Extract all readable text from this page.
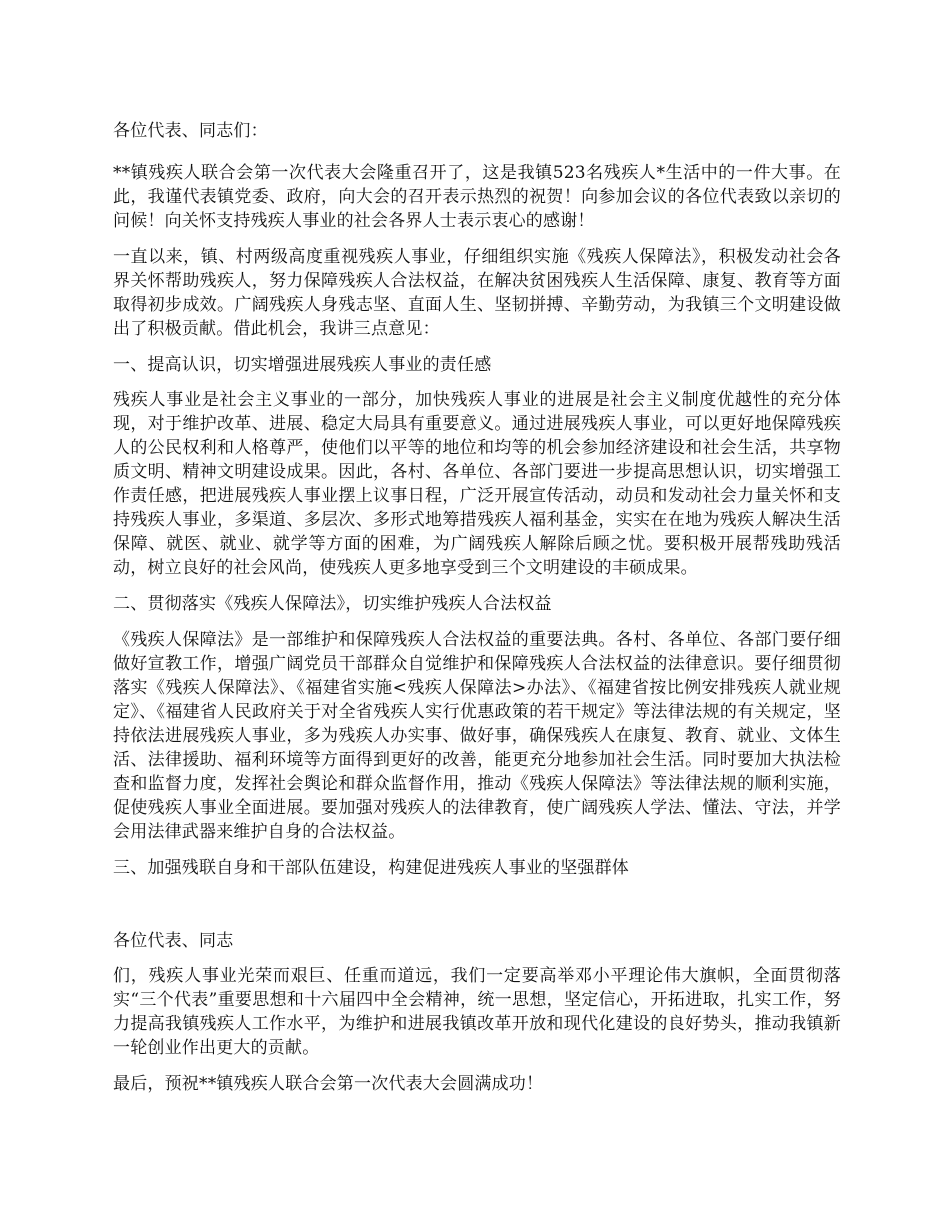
各位代表、同志们：

**镇残疾人联合会第一次代表大会隆重召开了，这是我镇523名残疾人*生活中的一件大事。在此，我谨代表镇党委、政府，向大会的召开表示热烈的祝贺！向参加会议的各位代表致以亲切的问候！向关怀支持残疾人事业的社会各界人士表示衷心的感谢！

一直以来，镇、村两级高度重视残疾人事业，仔细组织实施《残疾人保障法》，积极发动社会各界关怀帮助残疾人，努力保障残疾人合法权益，在解决贫困残疾人生活保障、康复、教育等方面取得初步成效。广阔残疾人身残志坚、直面人生、坚韧拼搏、辛勤劳动，为我镇三个文明建设做出了积极贡献。借此机会，我讲三点意见：

一、提高认识，切实增强进展残疾人事业的责任感

残疾人事业是社会主义事业的一部分，加快残疾人事业的进展是社会主义制度优越性的充分体现，对于维护改革、进展、稳定大局具有重要意义。通过进展残疾人事业，可以更好地保障残疾人的公民权利和人格尊严，使他们以平等的地位和均等的机会参加经济建设和社会生活，共享物质文明、精神文明建设成果。因此，各村、各单位、各部门要进一步提高思想认识，切实增强工作责任感，把进展残疾人事业摆上议事日程，广泛开展宣传活动，动员和发动社会力量关怀和支持残疾人事业，多渠道、多层次、多形式地筹措残疾人福利基金，实实在在地为残疾人解决生活保障、就医、就业、就学等方面的困难，为广阔残疾人解除后顾之忧。要积极开展帮残助残活动，树立良好的社会风尚，使残疾人更多地享受到三个文明建设的丰硕成果。

二、贯彻落实《残疾人保障法》，切实维护残疾人合法权益

《残疾人保障法》是一部维护和保障残疾人合法权益的重要法典。各村、各单位、各部门要仔细做好宣教工作，增强广阔党员干部群众自觉维护和保障残疾人合法权益的法律意识。要仔细贯彻落实《残疾人保障法》、《福建省实施<残疾人保障法>办法》、《福建省按比例安排残疾人就业规定》、《福建省人民政府关于对全省残疾人实行优惠政策的若干规定》等法律法规的有关规定，坚持依法进展残疾人事业，多为残疾人办实事、做好事，确保残疾人在康复、教育、就业、文体生活、法律援助、福利环境等方面得到更好的改善，能更充分地参加社会生活。同时要加大执法检查和监督力度，发挥社会舆论和群众监督作用，推动《残疾人保障法》等法律法规的顺利实施，促使残疾人事业全面进展。要加强对残疾人的法律教育，使广阔残疾人学法、懂法、守法，并学会用法律武器来维护自身的合法权益。

三、加强残联自身和干部队伍建设，构建促进残疾人事业的坚强群体

各位代表、同志

们，残疾人事业光荣而艰巨、任重而道远，我们一定要高举邓小平理论伟大旗帜，全面贯彻落实“三个代表”重要思想和十六届四中全会精神，统一思想，坚定信心，开拓进取，扎实工作，努力提高我镇残疾人工作水平，为维护和进展我镇改革开放和现代化建设的良好势头，推动我镇新一轮创业作出更大的贡献。

最后，预祝**镇残疾人联合会第一次代表大会圆满成功！
